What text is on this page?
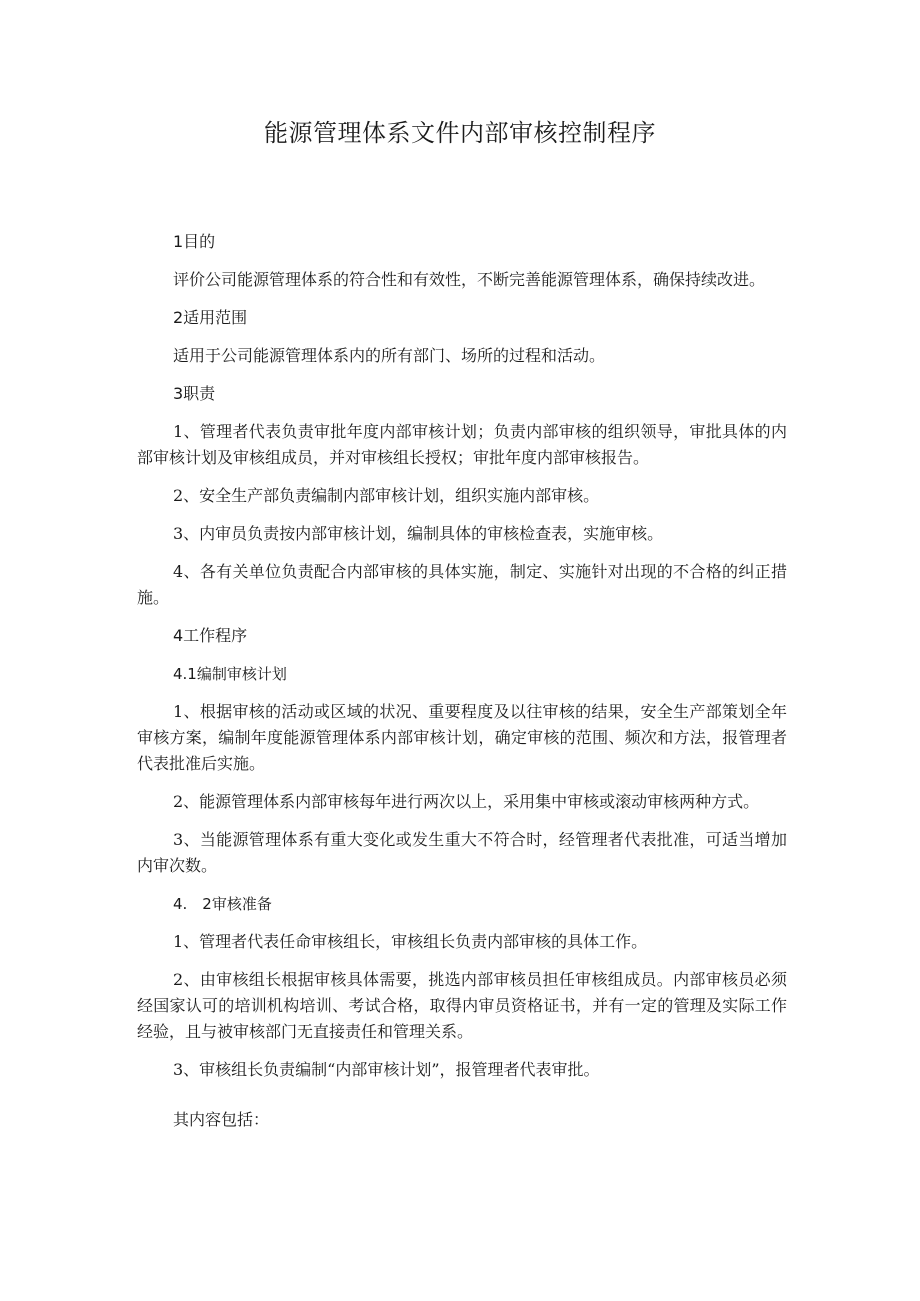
能源管理体系文件内部审核控制程序

1目的

评价公司能源管理体系的符合性和有效性，不断完善能源管理体系，确保持续改进。

2适用范围

适用于公司能源管理体系内的所有部门、场所的过程和活动。

3职责

1、管理者代表负责审批年度内部审核计划；负责内部审核的组织领导，审批具体的内部审核计划及审核组成员，并对审核组长授权；审批年度内部审核报告。

2、安全生产部负责编制内部审核计划，组织实施内部审核。

3、内审员负责按内部审核计划，编制具体的审核检查表，实施审核。

4、各有关单位负责配合内部审核的具体实施，制定、实施针对出现的不合格的纠正措施。

4工作程序

4.1编制审核计划

1、根据审核的活动或区域的状况、重要程度及以往审核的结果，安全生产部策划全年审核方案，编制年度能源管理体系内部审核计划，确定审核的范围、频次和方法，报管理者代表批准后实施。

2、能源管理体系内部审核每年进行两次以上，采用集中审核或滚动审核两种方式。

3、当能源管理体系有重大变化或发生重大不符合时，经管理者代表批准，可适当增加内审次数。

4.　2审核准备

1、管理者代表任命审核组长，审核组长负责内部审核的具体工作。

2、由审核组长根据审核具体需要，挑选内部审核员担任审核组成员。内部审核员必须经国家认可的培训机构培训、考试合格，取得内审员资格证书，并有一定的管理及实际工作经验，且与被审核部门无直接责任和管理关系。

3、审核组长负责编制“内部审核计划”，报管理者代表审批。

其内容包括：
